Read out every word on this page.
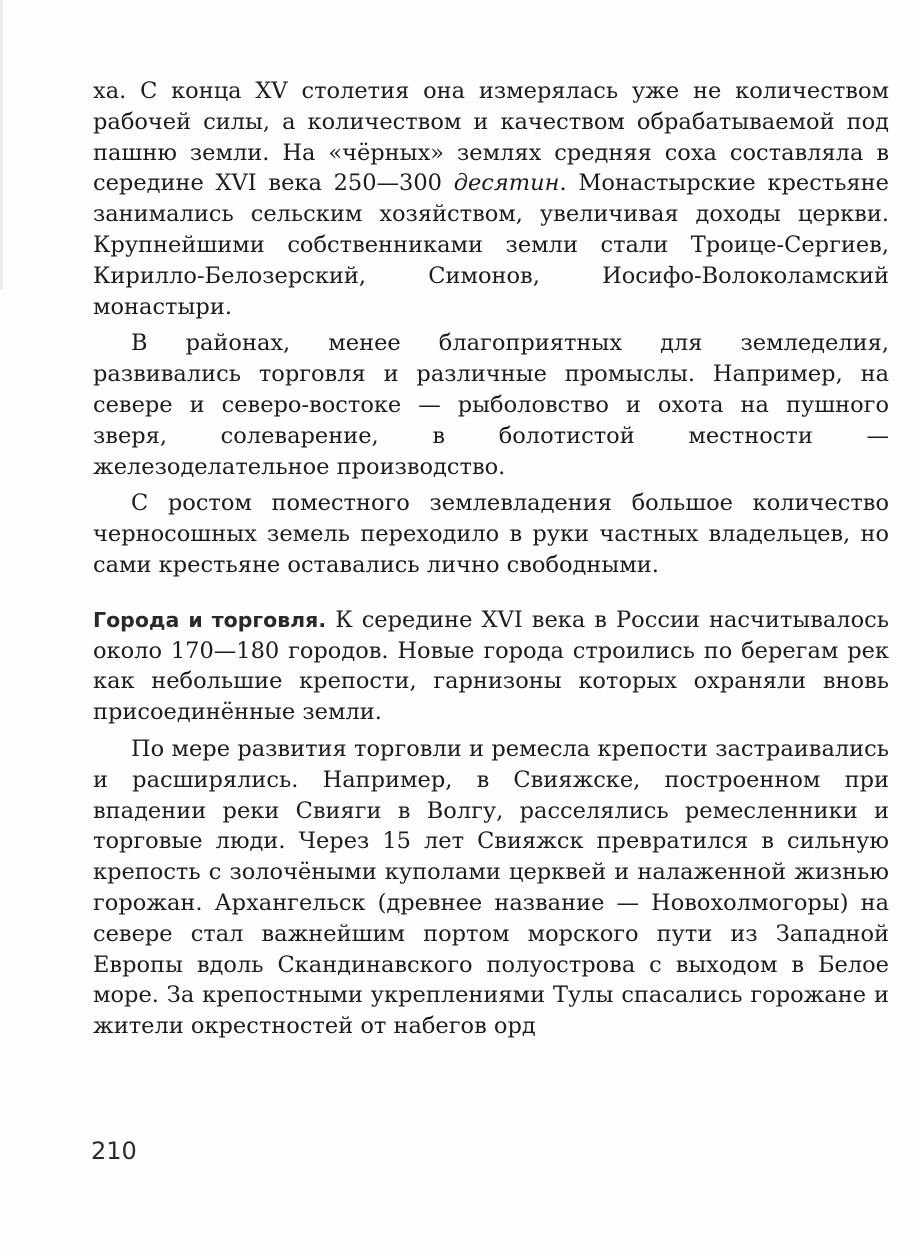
ха. С конца XV столетия она измерялась уже не количеством рабочей силы, а количеством и качеством обрабатываемой под пашню земли. На «чёрных» землях средняя соха составляла в середине XVI века 250—300 десятин. Монастырские крестьяне занимались сельским хозяйством, увеличивая доходы церкви. Крупнейшими собственниками земли стали Троице-Сергиев, Кирилло-Белозерский, Симонов, Иосифо-Волоколамский монастыри.

В районах, менее благоприятных для земледелия, развивались торговля и различные промыслы. Например, на севере и северо-востоке — рыболовство и охота на пушного зверя, солеварение, в болотистой местности — железоделательное производство.

С ростом поместного землевладения большое количество черносошных земель переходило в руки частных владельцев, но сами крестьяне оставались лично свободными.

Города и торговля. К середине XVI века в России насчитывалось около 170—180 городов. Новые города строились по берегам рек как небольшие крепости, гарнизоны которых охраняли вновь присоединённые земли.

По мере развития торговли и ремесла крепости застраивались и расширялись. Например, в Свияжске, построенном при впадении реки Свияги в Волгу, расселялись ремесленники и торговые люди. Через 15 лет Свияжск превратился в сильную крепость с золочёными куполами церквей и налаженной жизнью горожан. Архангельск (древнее название — Новохолмогоры) на севере стал важнейшим портом морского пути из Западной Европы вдоль Скандинавского полуострова с выходом в Белое море. За крепостными укреплениями Тулы спасались горожане и жители окрестностей от набегов орд

210
